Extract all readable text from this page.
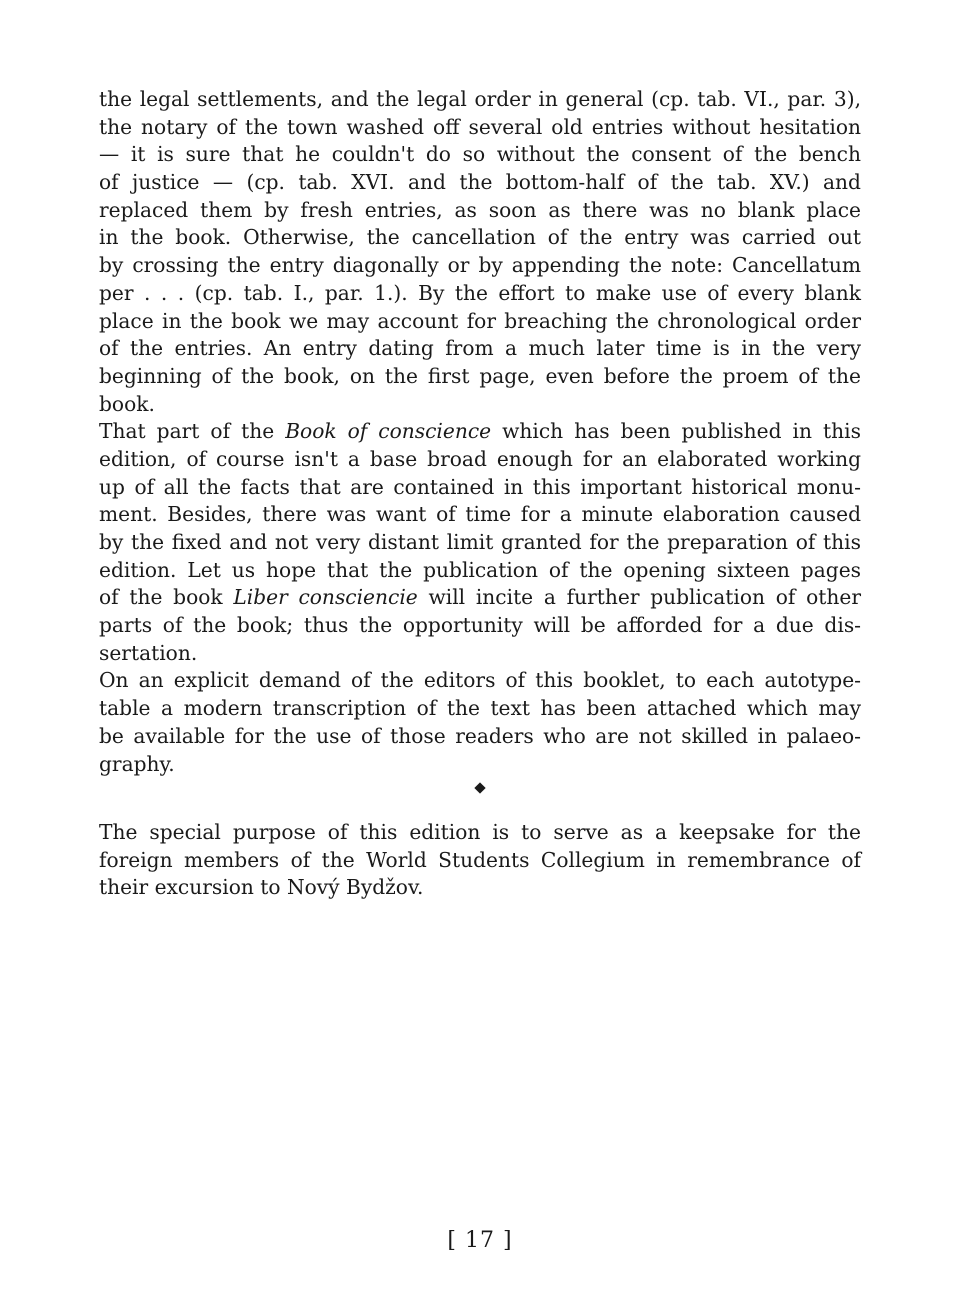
the legal settlements, and the legal order in general (cp. tab. VI., par. 3),
the notary of the town washed off several old entries without hesitation
— it is sure that he couldn't do so without the consent of the bench
of justice — (cp. tab. XVI. and the bottom-half of the tab. XV.) and
replaced them by fresh entries, as soon as there was no blank place
in the book. Otherwise, the cancellation of the entry was carried out
by crossing the entry diagonally or by appending the note: Cancellatum
per . . . (cp. tab. I., par. 1.). By the effort to make use of every blank
place in the book we may account for breaching the chronological order
of the entries. An entry dating from a much later time is in the very
beginning of the book, on the first page, even before the proem of the
book.
That part of the Book of conscience which has been published in this
edition, of course isn't a base broad enough for an elaborated working
up of all the facts that are contained in this important historical monu-
ment. Besides, there was want of time for a minute elaboration caused
by the fixed and not very distant limit granted for the preparation of this
edition. Let us hope that the publication of the opening sixteen pages
of the book Liber consciencie will incite a further publication of other
parts of the book; thus the opportunity will be afforded for a due dis-
sertation.
On an explicit demand of the editors of this booklet, to each autotype-
table a modern transcription of the text has been attached which may
be available for the use of those readers who are not skilled in palaeo-
graphy.
The special purpose of this edition is to serve as a keepsake for the
foreign members of the World Students Collegium in remembrance of
their excursion to Nový Bydžov.
[ 17 ]
